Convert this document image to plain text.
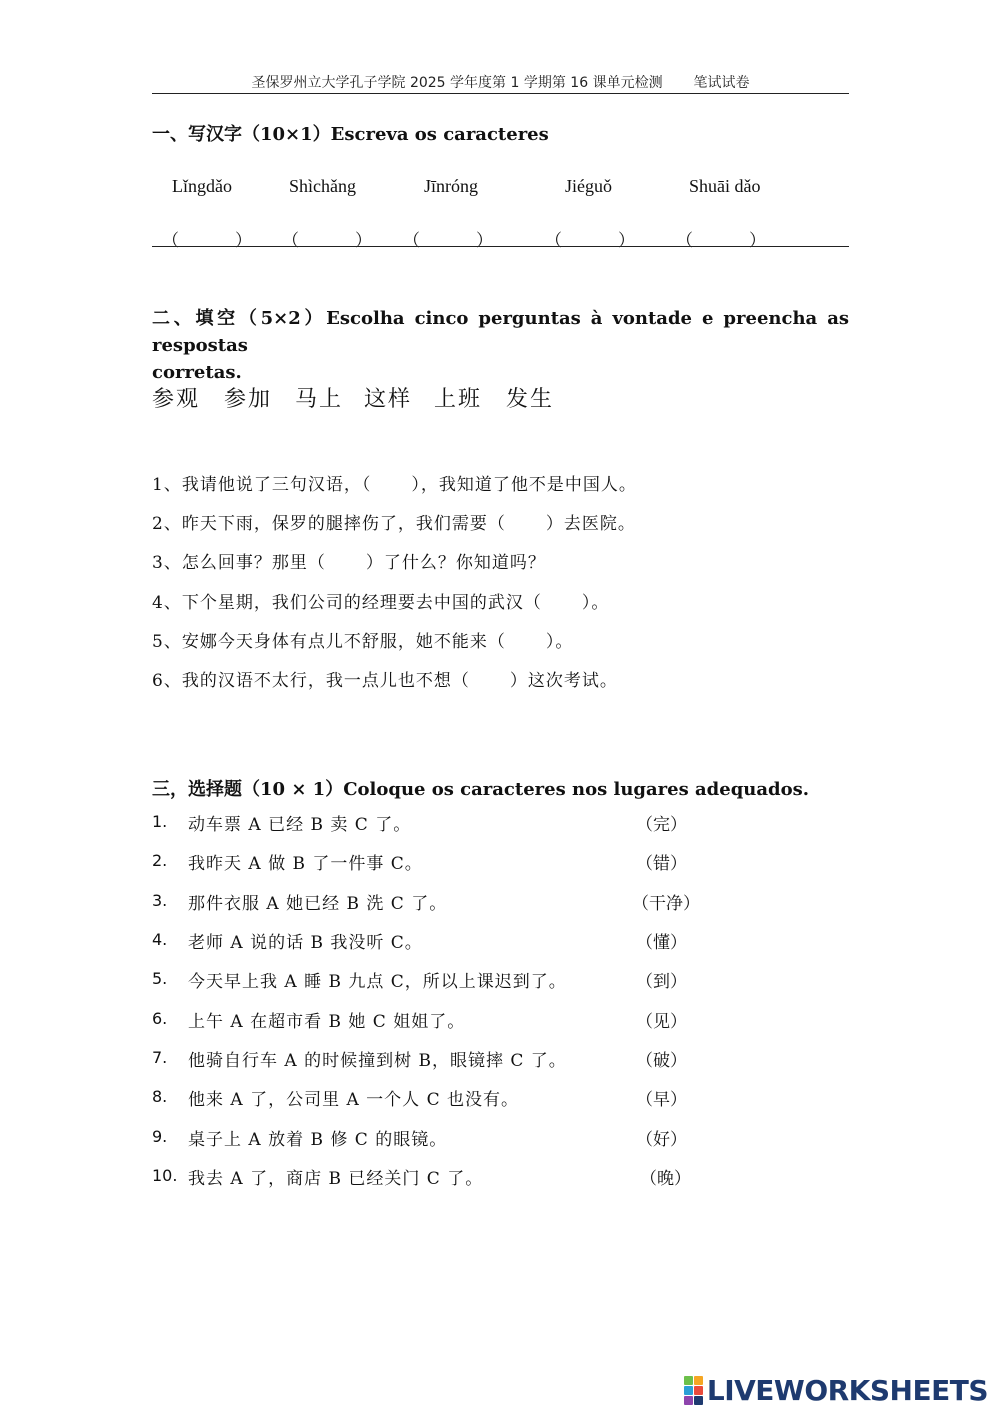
圣保罗州立大学孔子学院 2025 学年度第 1 学期第 16 课单元检测 笔试试卷
一、写汉字（10×1）Escreva os caracteres
Lǐngdǎo	Shìchǎng	Jīnróng	Jiéguǒ	Shuāi dǎo
（	） （	） （	）	（	） （	）
二、填空（5×2）Escolha cinco perguntas à vontade e preencha as respostas
corretas.
参观 参加 马上 这样 上班 发生
1、我请他说了三句汉语，（ ），我知道了他不是中国人。
2、昨天下雨，保罗的腿摔伤了，我们需要（ ）去医院。
3、怎么回事？那里（ ）了什么？你知道吗？
4、下个星期，我们公司的经理要去中国的武汉（ ）。
5、安娜今天身体有点儿不舒服，她不能来（ ）。
6、我的汉语不太行，我一点儿也不想（ ）这次考试。
三，选择题（10 × 1）Coloque os caracteres nos lugares adequados.
1. 动车票 A 已经 B 卖 C 了。	（完）
2. 我昨天 A 做 B 了一件事 C。	（错）
3. 那件衣服 A 她已经 B 洗 C 了。	（干净）
4. 老师 A 说的话 B 我没听 C。	（懂）
5. 今天早上我 A 睡 B 九点 C，所以上课迟到了。	（到）
6. 上午 A 在超市看 B 她 C 姐姐了。	（见）
7. 他骑自行车 A 的时候撞到树 B，眼镜摔 C 了。	（破）
8. 他来 A 了，公司里 A 一个人 C 也没有。	（早）
9. 桌子上 A 放着 B 修 C 的眼镜。	（好）
10. 我去 A 了，商店 B 已经关门 C 了。	（晚）
LIVEWORKSHEETS
